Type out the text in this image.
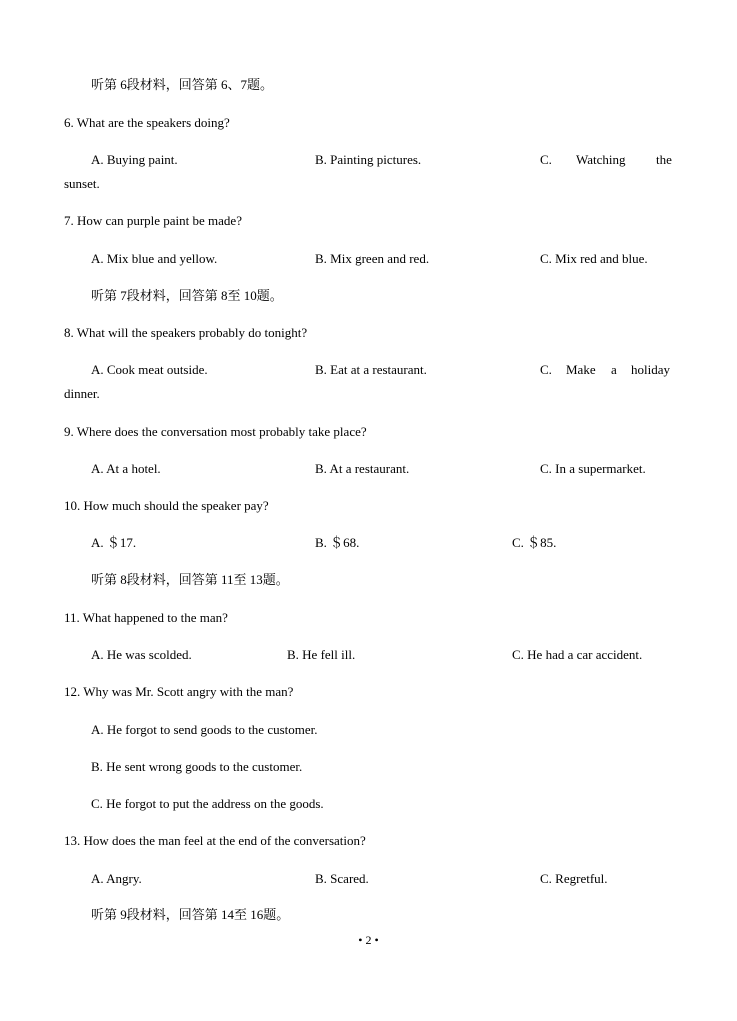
听第 6段材料，回答第 6、7题。
6. What are the speakers doing?
A. Buying paint.	B. Painting pictures.	C. Watching the
sunset.
7. How can purple paint be made?
A. Mix blue and yellow.	B. Mix green and red.	C. Mix red and blue.
听第 7段材料，回答第 8至 10题。
8. What will the speakers probably do tonight?
A. Cook meat outside.	B. Eat at a restaurant.	C. Make a holiday
dinner.
9. Where does the conversation most probably take place?
A. At a hotel.	B. At a restaurant.	C. In a supermarket.
10. How much should the speaker pay?
A. ＄17.	B. ＄68.	C. ＄85.
听第 8段材料，回答第 11至 13题。
11. What happened to the man?
A. He was scolded.	B. He fell ill.	C. He had a car accident.
12. Why was Mr. Scott angry with the man?
A. He forgot to send goods to the customer.
B. He sent wrong goods to the customer.
C. He forgot to put the address on the goods.
13. How does the man feel at the end of the conversation?
A. Angry.	B. Scared.	C. Regretful.
听第 9段材料，回答第 14至 16题。
• 2 •
